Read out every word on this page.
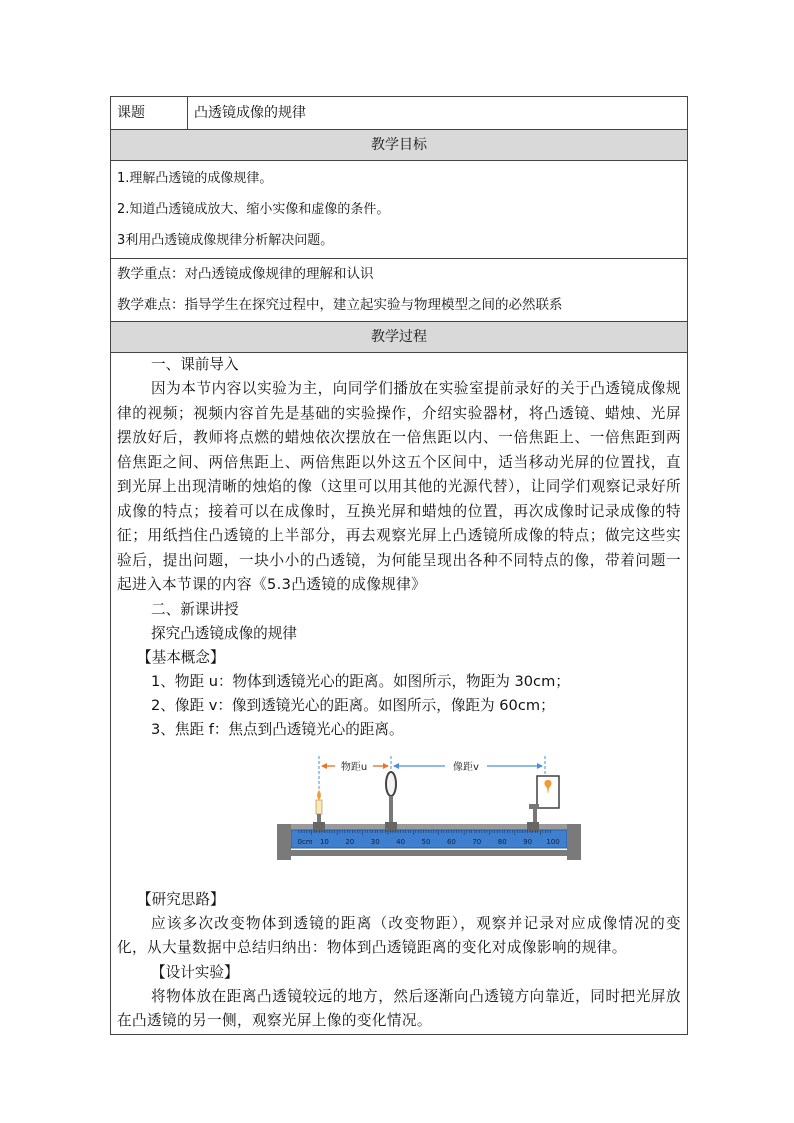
课题	凸透镜成像的规律
教学目标

1.理解凸透镜的成像规律。
2.知道凸透镜成放大、缩小实像和虚像的条件。
3利用凸透镜成像规律分析解决问题。

教学重点：对凸透镜成像规律的理解和认识
教学难点：指导学生在探究过程中，建立起实验与物理模型之间的必然联系

教学过程

一、课前导入
因为本节内容以实验为主，向同学们播放在实验室提前录好的关于凸透镜成像规律的视频；视频内容首先是基础的实验操作，介绍实验器材，将凸透镜、蜡烛、光屏摆放好后，教师将点燃的蜡烛依次摆放在一倍焦距以内、一倍焦距上、一倍焦距到两倍焦距之间、两倍焦距上、两倍焦距以外这五个区间中，适当移动光屏的位置找，直到光屏上出现清晰的烛焰的像（这里可以用其他的光源代替），让同学们观察记录好所成像的特点；接着可以在成像时，互换光屏和蜡烛的位置，再次成像时记录成像的特征；用纸挡住凸透镜的上半部分，再去观察光屏上凸透镜所成像的特点；做完这些实验后，提出问题，一块小小的凸透镜，为何能呈现出各种不同特点的像，带着问题一起进入本节课的内容《5.3凸透镜的成像规律》
二、新课讲授
探究凸透镜成像的规律
【基本概念】
1、物距 u：物体到透镜光心的距离。如图所示，物距为 30cm；
2、像距 v：像到透镜光心的距离。如图所示，像距为 60cm；
3、焦距 f：焦点到凸透镜光心的距离。
物距u	像距v
0cm 10 20 30 40 50 60 70 80 90 100
【研究思路】
应该多次改变物体到透镜的距离（改变物距），观察并记录对应成像情况的变化，从大量数据中总结归纳出：物体到凸透镜距离的变化对成像影响的规律。
【设计实验】
将物体放在距离凸透镜较远的地方，然后逐渐向凸透镜方向靠近，同时把光屏放在凸透镜的另一侧，观察光屏上像的变化情况。
